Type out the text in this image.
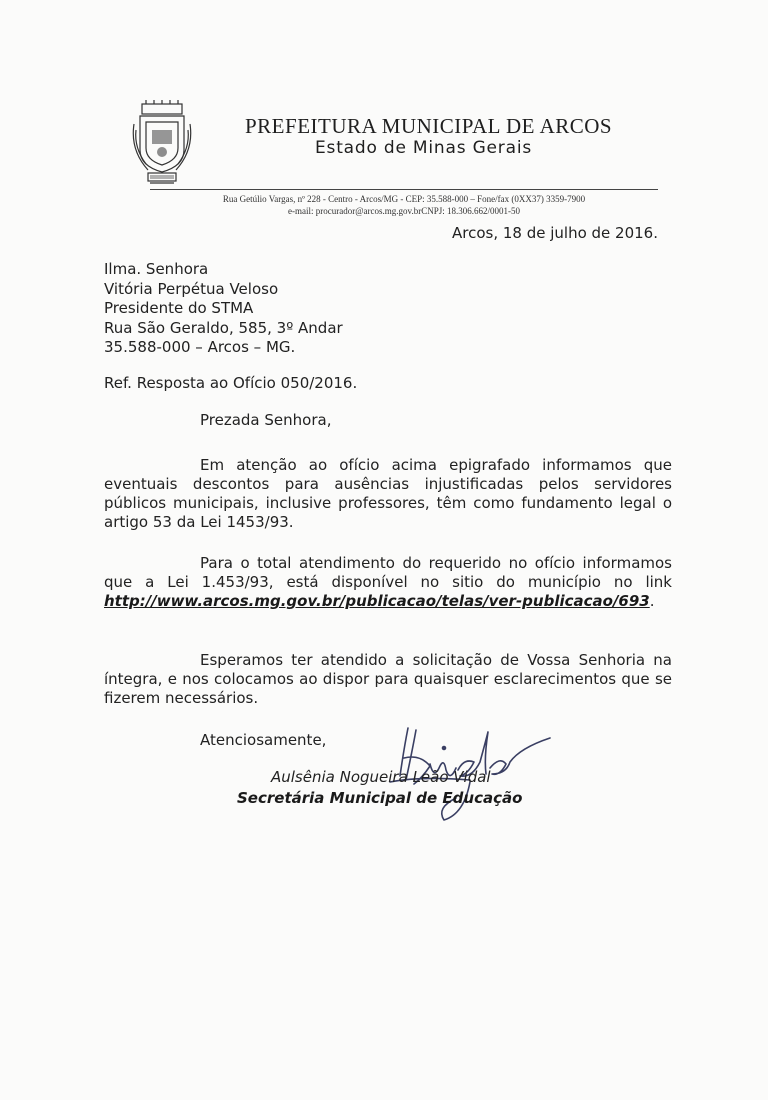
PREFEITURA MUNICIPAL DE ARCOS
Estado de Minas Gerais
Rua Getúlio Vargas, nº 228 - Centro - Arcos/MG - CEP: 35.588-000 – Fone/fax (0XX37) 3359-7900
e-mail: procurador@arcos.mg.gov.brCNPJ: 18.306.662/0001-50
Arcos, 18 de julho de 2016.
Ilma. Senhora
Vitória Perpétua Veloso
Presidente do STMA
Rua São Geraldo, 585, 3º Andar
35.588-000 – Arcos – MG.
Ref. Resposta ao Ofício 050/2016.
Prezada Senhora,
Em atenção ao ofício acima epigrafado informamos que eventuais descontos para ausências injustificadas pelos servidores públicos municipais, inclusive professores, têm como fundamento legal o artigo 53 da Lei 1453/93.
Para o total atendimento do requerido no ofício informamos que a Lei 1.453/93, está disponível no sitio do município no link http://www.arcos.mg.gov.br/publicacao/telas/ver-publicacao/693.
Esperamos ter atendido a solicitação de Vossa Senhoria na íntegra, e nos colocamos ao dispor para quaisquer esclarecimentos que se fizerem necessários.
Atenciosamente,
Aulsênia Nogueira Leão Vidal
Secretária Municipal de Educação
